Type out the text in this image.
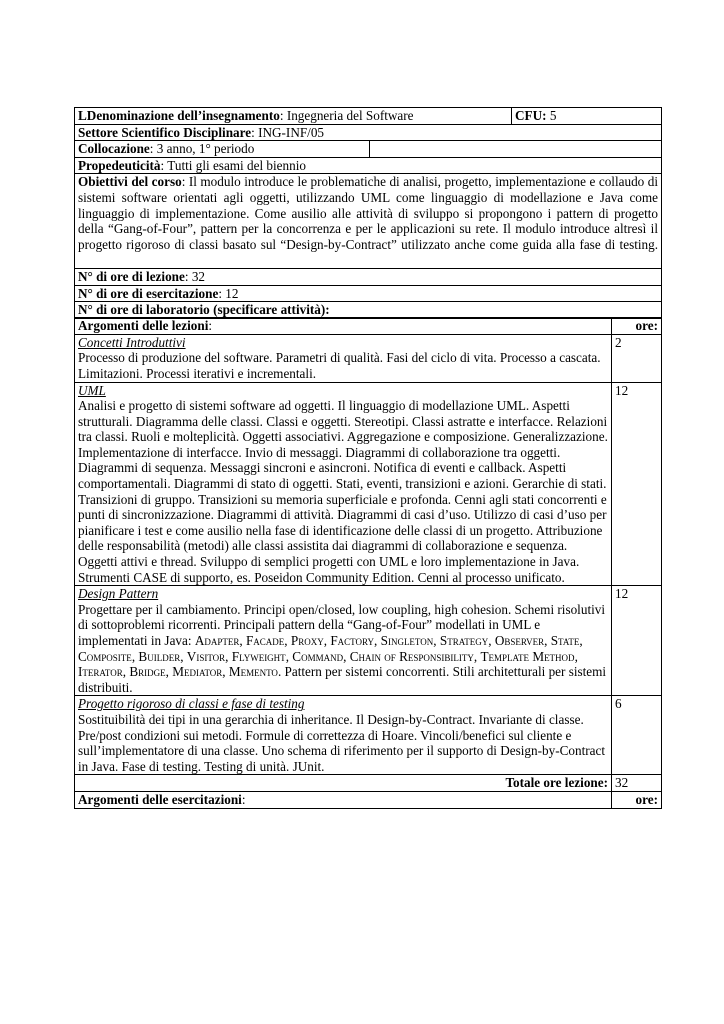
LDenominazione dell’insegnamento: Ingegneria del Software		CFU: 5
Settore Scientifico Disciplinare: ING-INF/05		
Collocazione: 3 anno, 1° periodo		
Propedeuticità: Tutti gli esami del biennio		
Obiettivi del corso: Il modulo introduce le problematiche di analisi, progetto, implementazione e collaudo di sistemi software orientati agli oggetti, utilizzando UML come linguaggio di modellazione e Java come linguaggio di implementazione. Come ausilio alle attività di sviluppo si propongono i pattern di progetto della “Gang-of-Four”, pattern per la concorrenza e per le applicazioni su rete. Il modulo introduce altresì il progetto rigoroso di classi basato sul “Design-by-Contract” utilizzato anche come guida alla fase di testing.		
N° di ore di lezione: 32		
N° di ore di esercitazione: 12		
N° di ore di laboratorio (specificare attività):		
Argomenti delle lezioni:	ore:

Concetti Introduttivi
Processo di produzione del software. Parametri di qualità. Fasi del ciclo di vita. Processo a cascata. Limitazioni. Processi iterativi e incrementali.	2

UML
Analisi e progetto di sistemi software ad oggetti. Il linguaggio di modellazione UML. Aspetti strutturali. Diagramma delle classi. Classi e oggetti. Stereotipi. Classi astratte e interfacce. Relazioni tra classi. Ruoli e molteplicità. Oggetti associativi. Aggregazione e composizione. Generalizzazione. Implementazione di interfacce. Invio di messaggi. Diagrammi di collaborazione tra oggetti. Diagrammi di sequenza. Messaggi sincroni e asincroni. Notifica di eventi e callback. Aspetti comportamentali. Diagrammi di stato di oggetti. Stati, eventi, transizioni e azioni. Gerarchie di stati. Transizioni di gruppo. Transizioni su memoria superficiale e profonda. Cenni agli stati concorrenti e punti di sincronizzazione. Diagrammi di attività. Diagrammi di casi d’uso. Utilizzo di casi d’uso per pianificare i test e come ausilio nella fase di identificazione delle classi di un progetto. Attribuzione delle responsabilità (metodi) alle classi assistita dai diagrammi di collaborazione e sequenza. Oggetti attivi e thread. Sviluppo di semplici progetti con UML e loro implementazione in Java. Strumenti CASE di supporto, es. Poseidon Community Edition. Cenni al processo unificato.	12

Design Pattern
Progettare per il cambiamento. Principi open/closed, low coupling, high cohesion. Schemi risolutivi di sottoproblemi ricorrenti. Principali pattern della “Gang-of-Four” modellati in UML e implementati in Java: Adapter, Facade, Proxy, Factory, Singleton, Strategy, Observer, State, Composite, Builder, Visitor, Flyweight, Command, Chain of Responsibility, Template Method, Iterator, Bridge, Mediator, Memento. Pattern per sistemi concorrenti. Stili architetturali per sistemi distribuiti.	12

Progetto rigoroso di classi e fase di testing
Sostituibilità dei tipi in una gerarchia di inheritance. Il Design-by-Contract. Invariante di classe. Pre/post condizioni sui metodi. Formule di correttezza di Hoare. Vincoli/benefici sul cliente e sull’implementatore di una classe. Uno schema di riferimento per il supporto di Design-by-Contract in Java. Fase di testing. Testing di unità. JUnit.	6
Totale ore lezione:	32
Argomenti delle esercitazioni:	ore:
